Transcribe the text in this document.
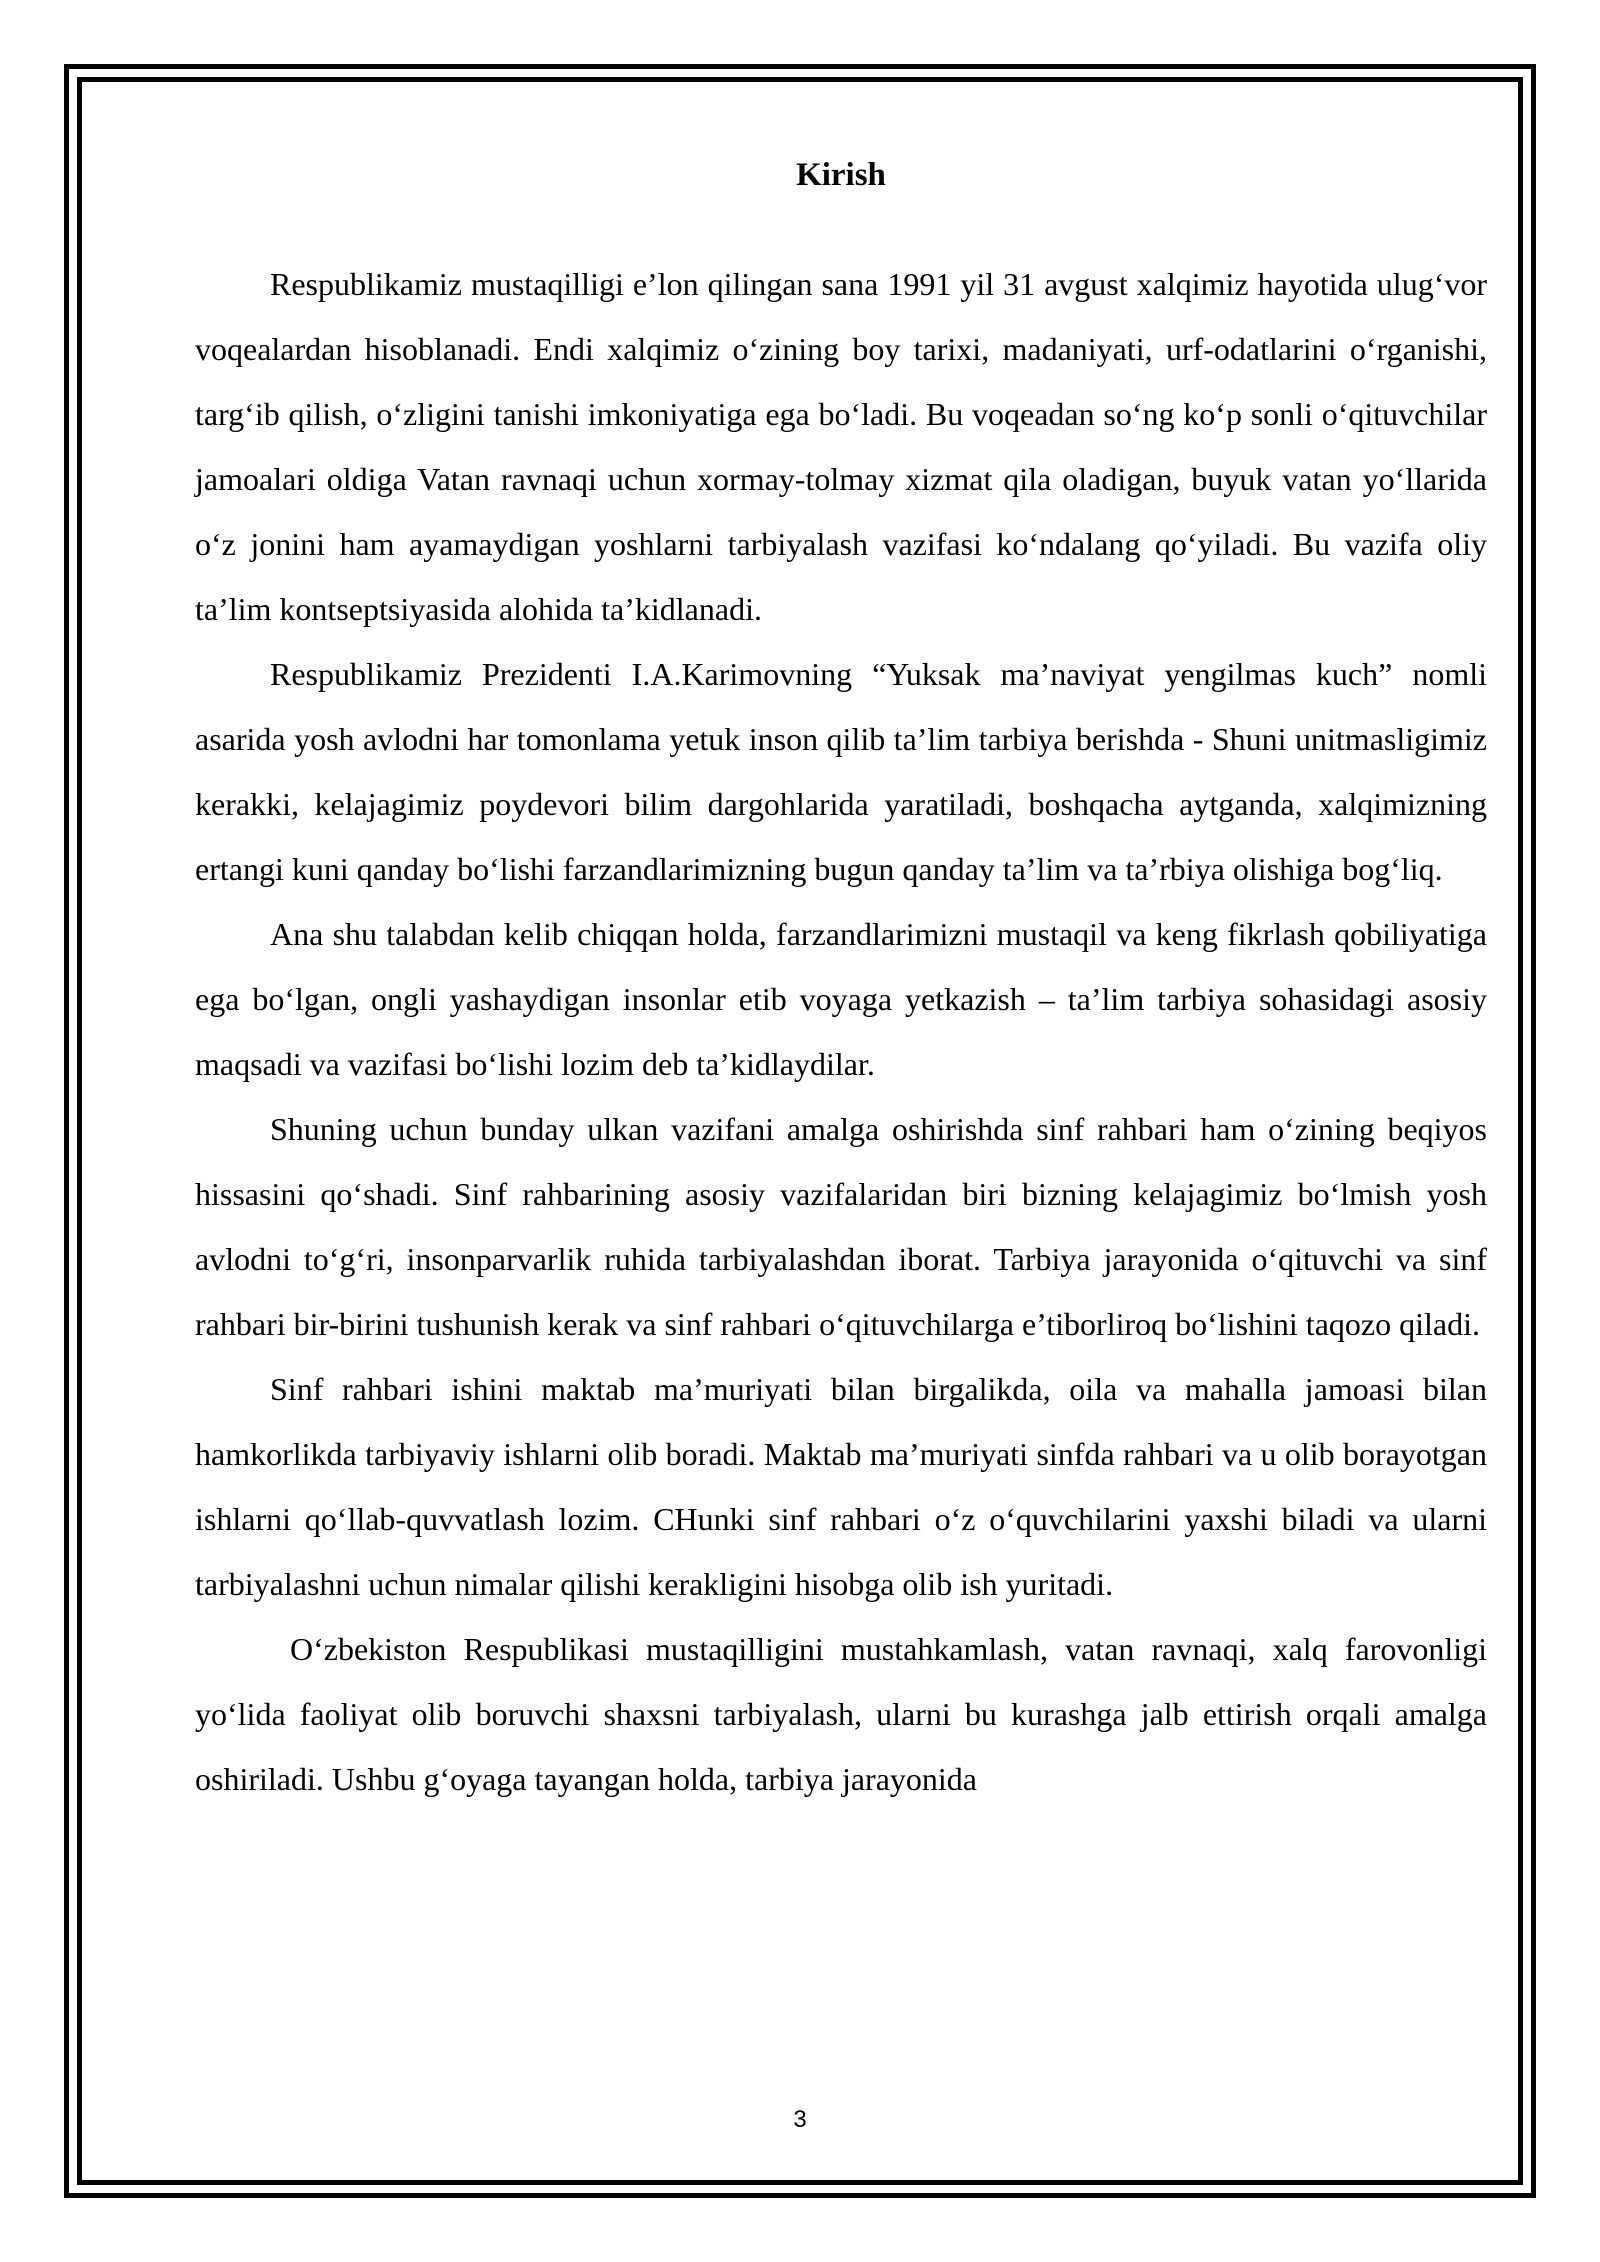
Kirish

Respublikamiz mustaqilligi e’lon qilingan sana 1991 yil 31 avgust xalqimiz hayotida ulug‘vor voqealardan hisoblanadi. Endi xalqimiz o‘zining boy tarixi, madaniyati, urf-odatlarini o‘rganishi, targ‘ib qilish, o‘zligini tanishi imkoniyatiga ega bo‘ladi. Bu voqeadan so‘ng ko‘p sonli o‘qituvchilar jamoalari oldiga Vatan ravnaqi uchun xormay-tolmay xizmat qila oladigan, buyuk vatan yo‘llarida o‘z jonini ham ayamaydigan yoshlarni tarbiyalash vazifasi ko‘ndalang qo‘yiladi. Bu vazifa oliy ta’lim kontseptsiyasida alohida ta’kidlanadi.

Respublikamiz Prezidenti I.A.Karimovning “Yuksak ma’naviyat yengilmas kuch” nomli asarida yosh avlodni har tomonlama yetuk inson qilib ta’lim tarbiya berishda - Shuni unitmasligimiz kerakki, kelajagimiz poydevori bilim dargohlarida yaratiladi, boshqacha aytganda, xalqimizning ertangi kuni qanday bo‘lishi farzandlarimizning bugun qanday ta’lim va ta’rbiya olishiga bog‘liq.

Ana shu talabdan kelib chiqqan holda, farzandlarimizni mustaqil va keng fikrlash qobiliyatiga ega bo‘lgan, ongli yashaydigan insonlar etib voyaga yetkazish – ta’lim tarbiya sohasidagi asosiy maqsadi va vazifasi bo‘lishi lozim deb ta’kidlaydilar.

Shuning uchun bunday ulkan vazifani amalga oshirishda sinf rahbari ham o‘zining beqiyos hissasini qo‘shadi. Sinf rahbarining asosiy vazifalaridan biri bizning kelajagimiz bo‘lmish yosh avlodni to‘g‘ri, insonparvarlik ruhida tarbiyalashdan iborat. Tarbiya jarayonida o‘qituvchi va sinf rahbari bir-birini tushunish kerak va sinf rahbari o‘qituvchilarga e’tiborliroq bo‘lishini taqozo qiladi.

Sinf rahbari ishini maktab ma’muriyati bilan birgalikda, oila va mahalla jamoasi bilan hamkorlikda tarbiyaviy ishlarni olib boradi. Maktab ma’muriyati sinfda rahbari va u olib borayotgan ishlarni qo‘llab-quvvatlash lozim. CHunki sinf rahbari o‘z o‘quvchilarini yaxshi biladi va ularni tarbiyalashni uchun nimalar qilishi kerakligini hisobga olib ish yuritadi.

O‘zbekiston Respublikasi mustaqilligini mustahkamlash, vatan ravnaqi, xalq farovonligi yo‘lida faoliyat olib boruvchi shaxsni tarbiyalash, ularni bu kurashga jalb ettirish orqali amalga oshiriladi. Ushbu g‘oyaga tayangan holda, tarbiya jarayonida

3
